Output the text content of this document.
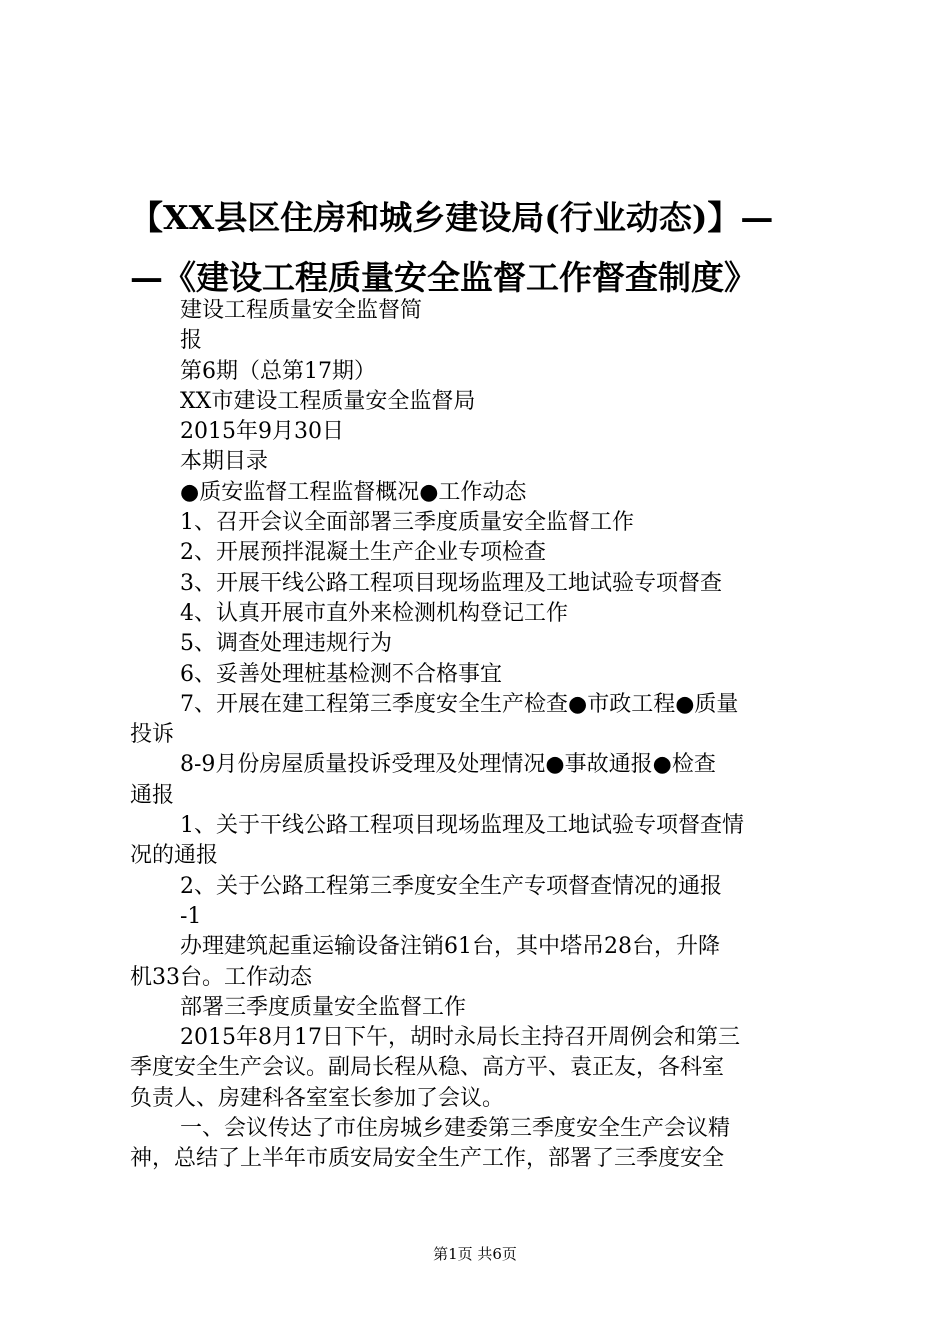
【XX县区住房和城乡建设局(行业动态)】—
—《建设工程质量安全监督工作督查制度》
建设工程质量安全监督简
报
第6期（总第17期）
XX市建设工程质量安全监督局
2015年9月30日
本期目录
●质安监督工程监督概况●工作动态
1、召开会议全面部署三季度质量安全监督工作
2、开展预拌混凝土生产企业专项检查
3、开展干线公路工程项目现场监理及工地试验专项督查
4、认真开展市直外来检测机构登记工作
5、调查处理违规行为
6、妥善处理桩基检测不合格事宜
7、开展在建工程第三季度安全生产检查●市政工程●质量
投诉
8-9月份房屋质量投诉受理及处理情况●事故通报●检查
通报
1、关于干线公路工程项目现场监理及工地试验专项督查情
况的通报
2、关于公路工程第三季度安全生产专项督查情况的通报
-1
办理建筑起重运输设备注销61台，其中塔吊28台，升降
机33台。工作动态
部署三季度质量安全监督工作
2015年8月17日下午，胡时永局长主持召开周例会和第三
季度安全生产会议。副局长程从稳、高方平、袁正友，各科室
负责人、房建科各室室长参加了会议。
一、会议传达了市住房城乡建委第三季度安全生产会议精
神，总结了上半年市质安局安全生产工作，部署了三季度安全
第1页 共6页
